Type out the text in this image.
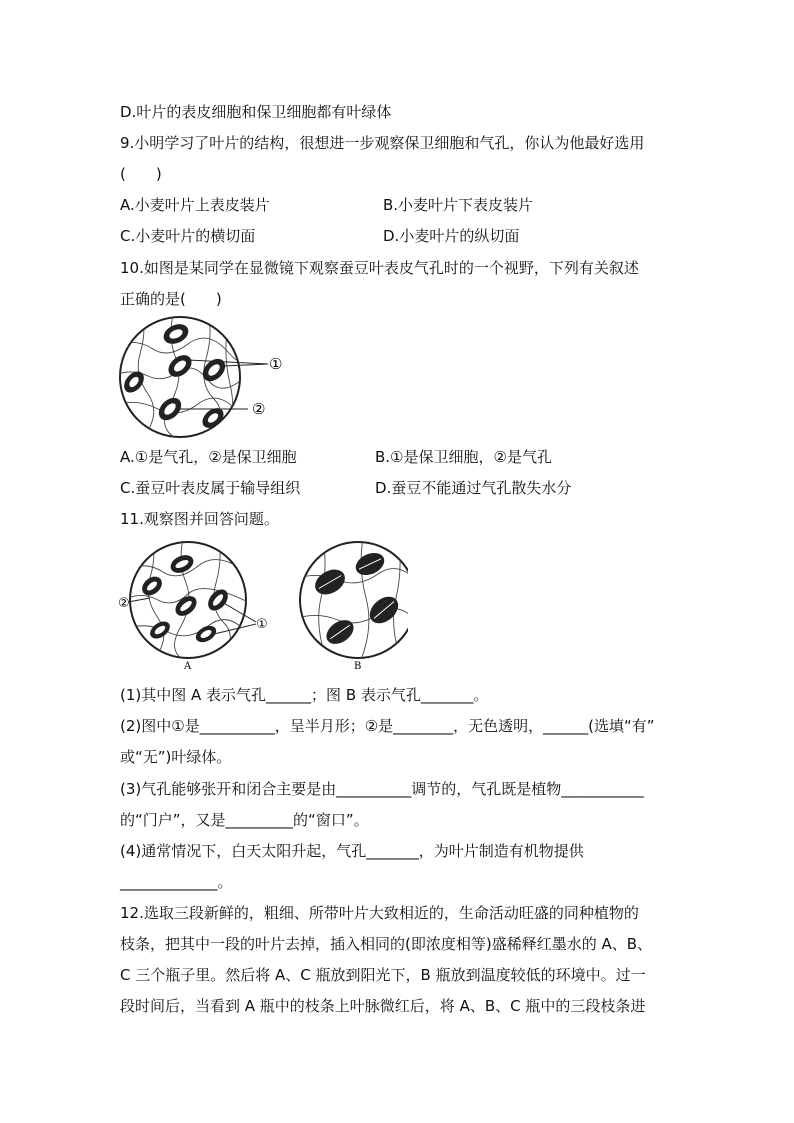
D.叶片的表皮细胞和保卫细胞都有叶绿体
9.小明学习了叶片的结构，很想进一步观察保卫细胞和气孔，你认为他最好选用
(　　)
A.小麦叶片上表皮装片	B.小麦叶片下表皮装片
C.小麦叶片的横切面	D.小麦叶片的纵切面
10.如图是某同学在显微镜下观察蚕豆叶表皮气孔时的一个视野，下列有关叙述
正确的是(　　)
①
②
A.①是气孔，②是保卫细胞	B.①是保卫细胞，②是气孔
C.蚕豆叶表皮属于输导组织	D.蚕豆不能通过气孔散失水分
11.观察图并回答问题。
②
①
A	B
(1)其中图 A 表示气孔______；图 B 表示气孔_______。
(2)图中①是__________，呈半月形；②是________，无色透明，______(选填“有”
或“无”)叶绿体。
(3)气孔能够张开和闭合主要是由__________调节的，气孔既是植物___________
的“门户”，又是_________的“窗口”。
(4)通常情况下，白天太阳升起，气孔_______，为叶片制造有机物提供
_____________。
12.选取三段新鲜的，粗细、所带叶片大致相近的，生命活动旺盛的同种植物的
枝条，把其中一段的叶片去掉，插入相同的(即浓度相等)盛稀释红墨水的 A、B、
C 三个瓶子里。然后将 A、C 瓶放到阳光下，B 瓶放到温度较低的环境中。过一
段时间后，当看到 A 瓶中的枝条上叶脉微红后，将 A、B、C 瓶中的三段枝条进
